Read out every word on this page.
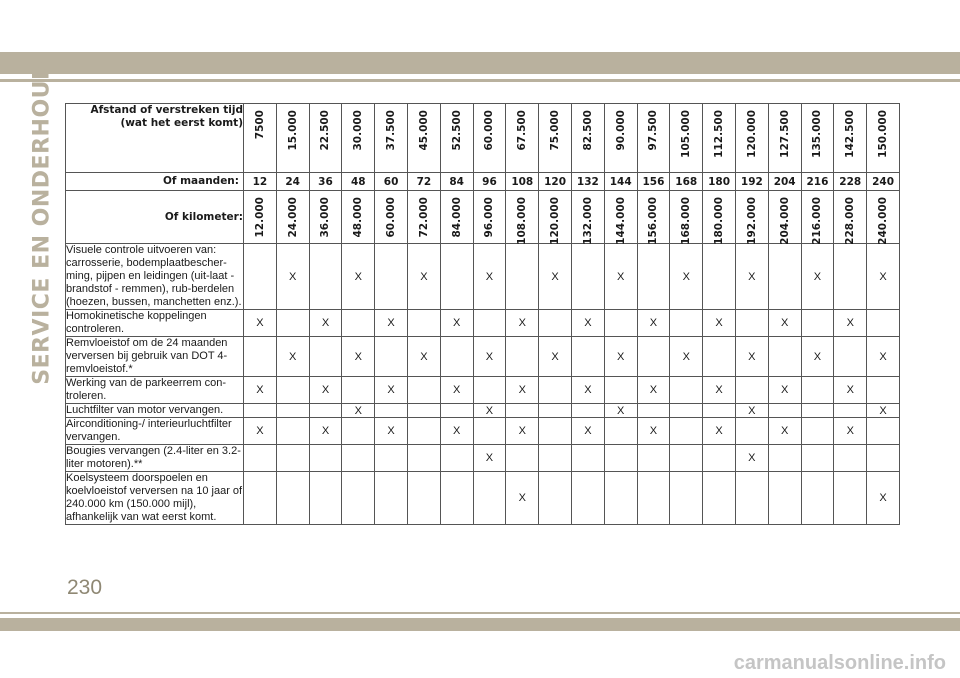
SERVICE EN ONDERHOUD	Afstand of verstreken tijd (wat het eerst komt)	7500	15.000	22.500	30.000	37.500	45.000	52.500	60.000	67.500	75.000	82.500	90.000	97.500	105.000	112.500	120.000	127.500	135.000	142.500	150.000

Of maanden:	12	24	36	48	60	72	84	96	108	120	132	144	156	168	180	192	204	216	228	240
Of kilometer:	12.000	24.000	36.000	48.000	60.000	72.000	84.000	96.000	108.000	120.000	132.000	144.000	156.000	168.000	180.000	192.000	204.000	216.000	228.000	240.000

Visuele controle uitvoeren van: carrosserie, bodemplaatbescher-ming, pijpen en leidingen (uit-laat - brandstof - remmen), rub-berdelen (hoezen, bussen, manchetten enz.).		X		X		X		X		X		X		X		X		X		X
Homokinetische koppelingen controleren.	X		X		X		X		X		X		X		X		X		X	
Remvloeistof om de 24 maanden verversen bij gebruik van DOT 4-remvloeistof.*		X		X		X		X		X		X		X		X		X		X
Werking van de parkeerrem con-troleren.	X		X		X		X		X		X		X		X		X		X	
Luchtfilter van motor vervangen.				X				X				X				X				X
Airconditioning-/ interieurluchtfilter vervangen.	X		X		X		X		X		X		X		X		X		X	
Bougies vervangen (2.4-liter en 3.2-liter motoren).**								X								X				
Koelsysteem doorspoelen en koelvloeistof verversen na 10 jaar of 240.000 km (150.000 mijl), afhankelijk van wat eerst komt.									X											X
230
carmanualsonline.info
